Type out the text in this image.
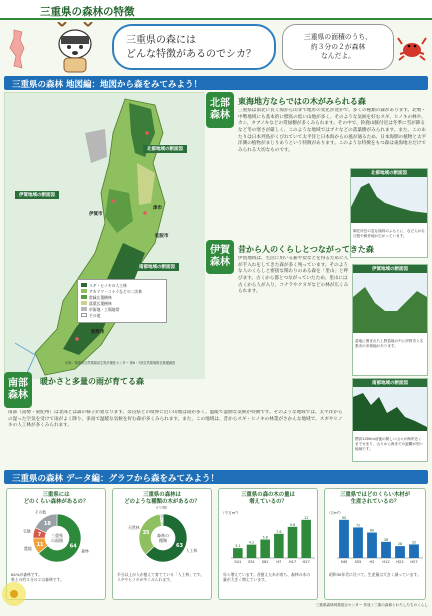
三重県の森林の特徴
三重県の森には
どんな特徴があるのでシカ？
三重県の面積のうち、
約３分の２が森林
なんだよ。
三重県の森林 地図編：地図から森をみてみよう！
北部地域の断面図
伊賀地域の断面図
南部地域の断面図
津市
伊賀市
松阪市
熊野市
スギ・ヒノキの人工林
アカマツ・コナラなどの二次林
常緑広葉樹林
落葉広葉樹林
市街地・工場地帯
その他
出典：環境省自然環境局生物多様性センター 第6・7回自然環境保全基礎調査
北部
森林
東海地方ならではの木がみられる森
三重県は南北に長く海から山まで地形の変化が豊かで、多くの種類の森があります。北勢・中勢地域にも基本的に標高の低い山地が多く、そのような気候を好むスギ、ヒノキの林や、カシ、タブノキなどの常緑樹が多くみられます。その中で、鈴鹿山脈付近は冬季に雪が降るなど冬の寒さが厳しく、このような地域ではブナなどの落葉樹がみられます。また、このあたりは日本列島がくびれていて太平洋と日本海からの風が通るため、日本海側の植物と太平洋側の植物がまじりあうという特徴があります。このような特徴をもつ森は東海地方だけでみられる大切なものです。
北部地域の断面図
御在所岳の急な傾斜のふもとに、なだらかな丘陵や耕作地が広がっています。
伊賀
森林
昔から人のくらしとつながってきた森
伊賀地域は、生活に用いる薪や炭などを得るために人が手入れをしてきた森が多く残っています。そのような人のくらしと密接な関わりのある森を「里山」と呼びます。古くから都とつながっていたため、里山には古くから人が入り、コナラやクヌギなどの林が広くみられます。
伊賀地域の断面図
盆地に囲まれた上野盆地の中に伊賀市と名張市の市街地があります。
南部
森林
暖かさと多量の雨が育てる森
南部（南勢・東紀州）は北部とは森の様子が異なります。奈良県との境界に近い山地は雨が多く、温暖で湿潤な気候が特徴です。そのような地域では、太平洋からの湿った空気を受けて雨がよく降り、多雨で温暖な気候を好む森が多くみられます。また、この地域は、昔からスギ・ヒノキの林業がさかんな地域で、スギやヒノキの人工林が多くみられます。
南部地域の断面図
標高1000m前後の険しい山々が海岸近くまでせまり、山々から海までの距離が短い地域です。
三重県の森林 データ編：グラフから森をみてみよう！
三重県には
どのくらい森林があるの？
64
森林
11
農地
7
宅地
18
その他
三重県
の面積
64%が森林です。
県土の約３分の２は森林です。
三重県の森林は
どのような種類の木があるの？
63
人工林
35
天然林
2
その他
森林の
種類
半分以上が人が植えて育てている「人工林」です。スギやヒノキが多くみられます。
三重県の森の木の量は
増えているの？
（千万m³）
S41
3.1
S51
4.2
S61
5.8
H7
7.6
H17
9.8
H27
12
年々増えています。昔植えた木が育ち、森林の木の量が大きく増えています。
三重県ではどのくらい木材が
生産されているの？
（万m³）
S45
90
S55
72
H2
60
H12
38
H22
28
H27
32
昭和30年代に比べて、生産量は大きく減っています。
三重県森林林業総合センター 作成 / 三重の森林とわたしたちのくらし
